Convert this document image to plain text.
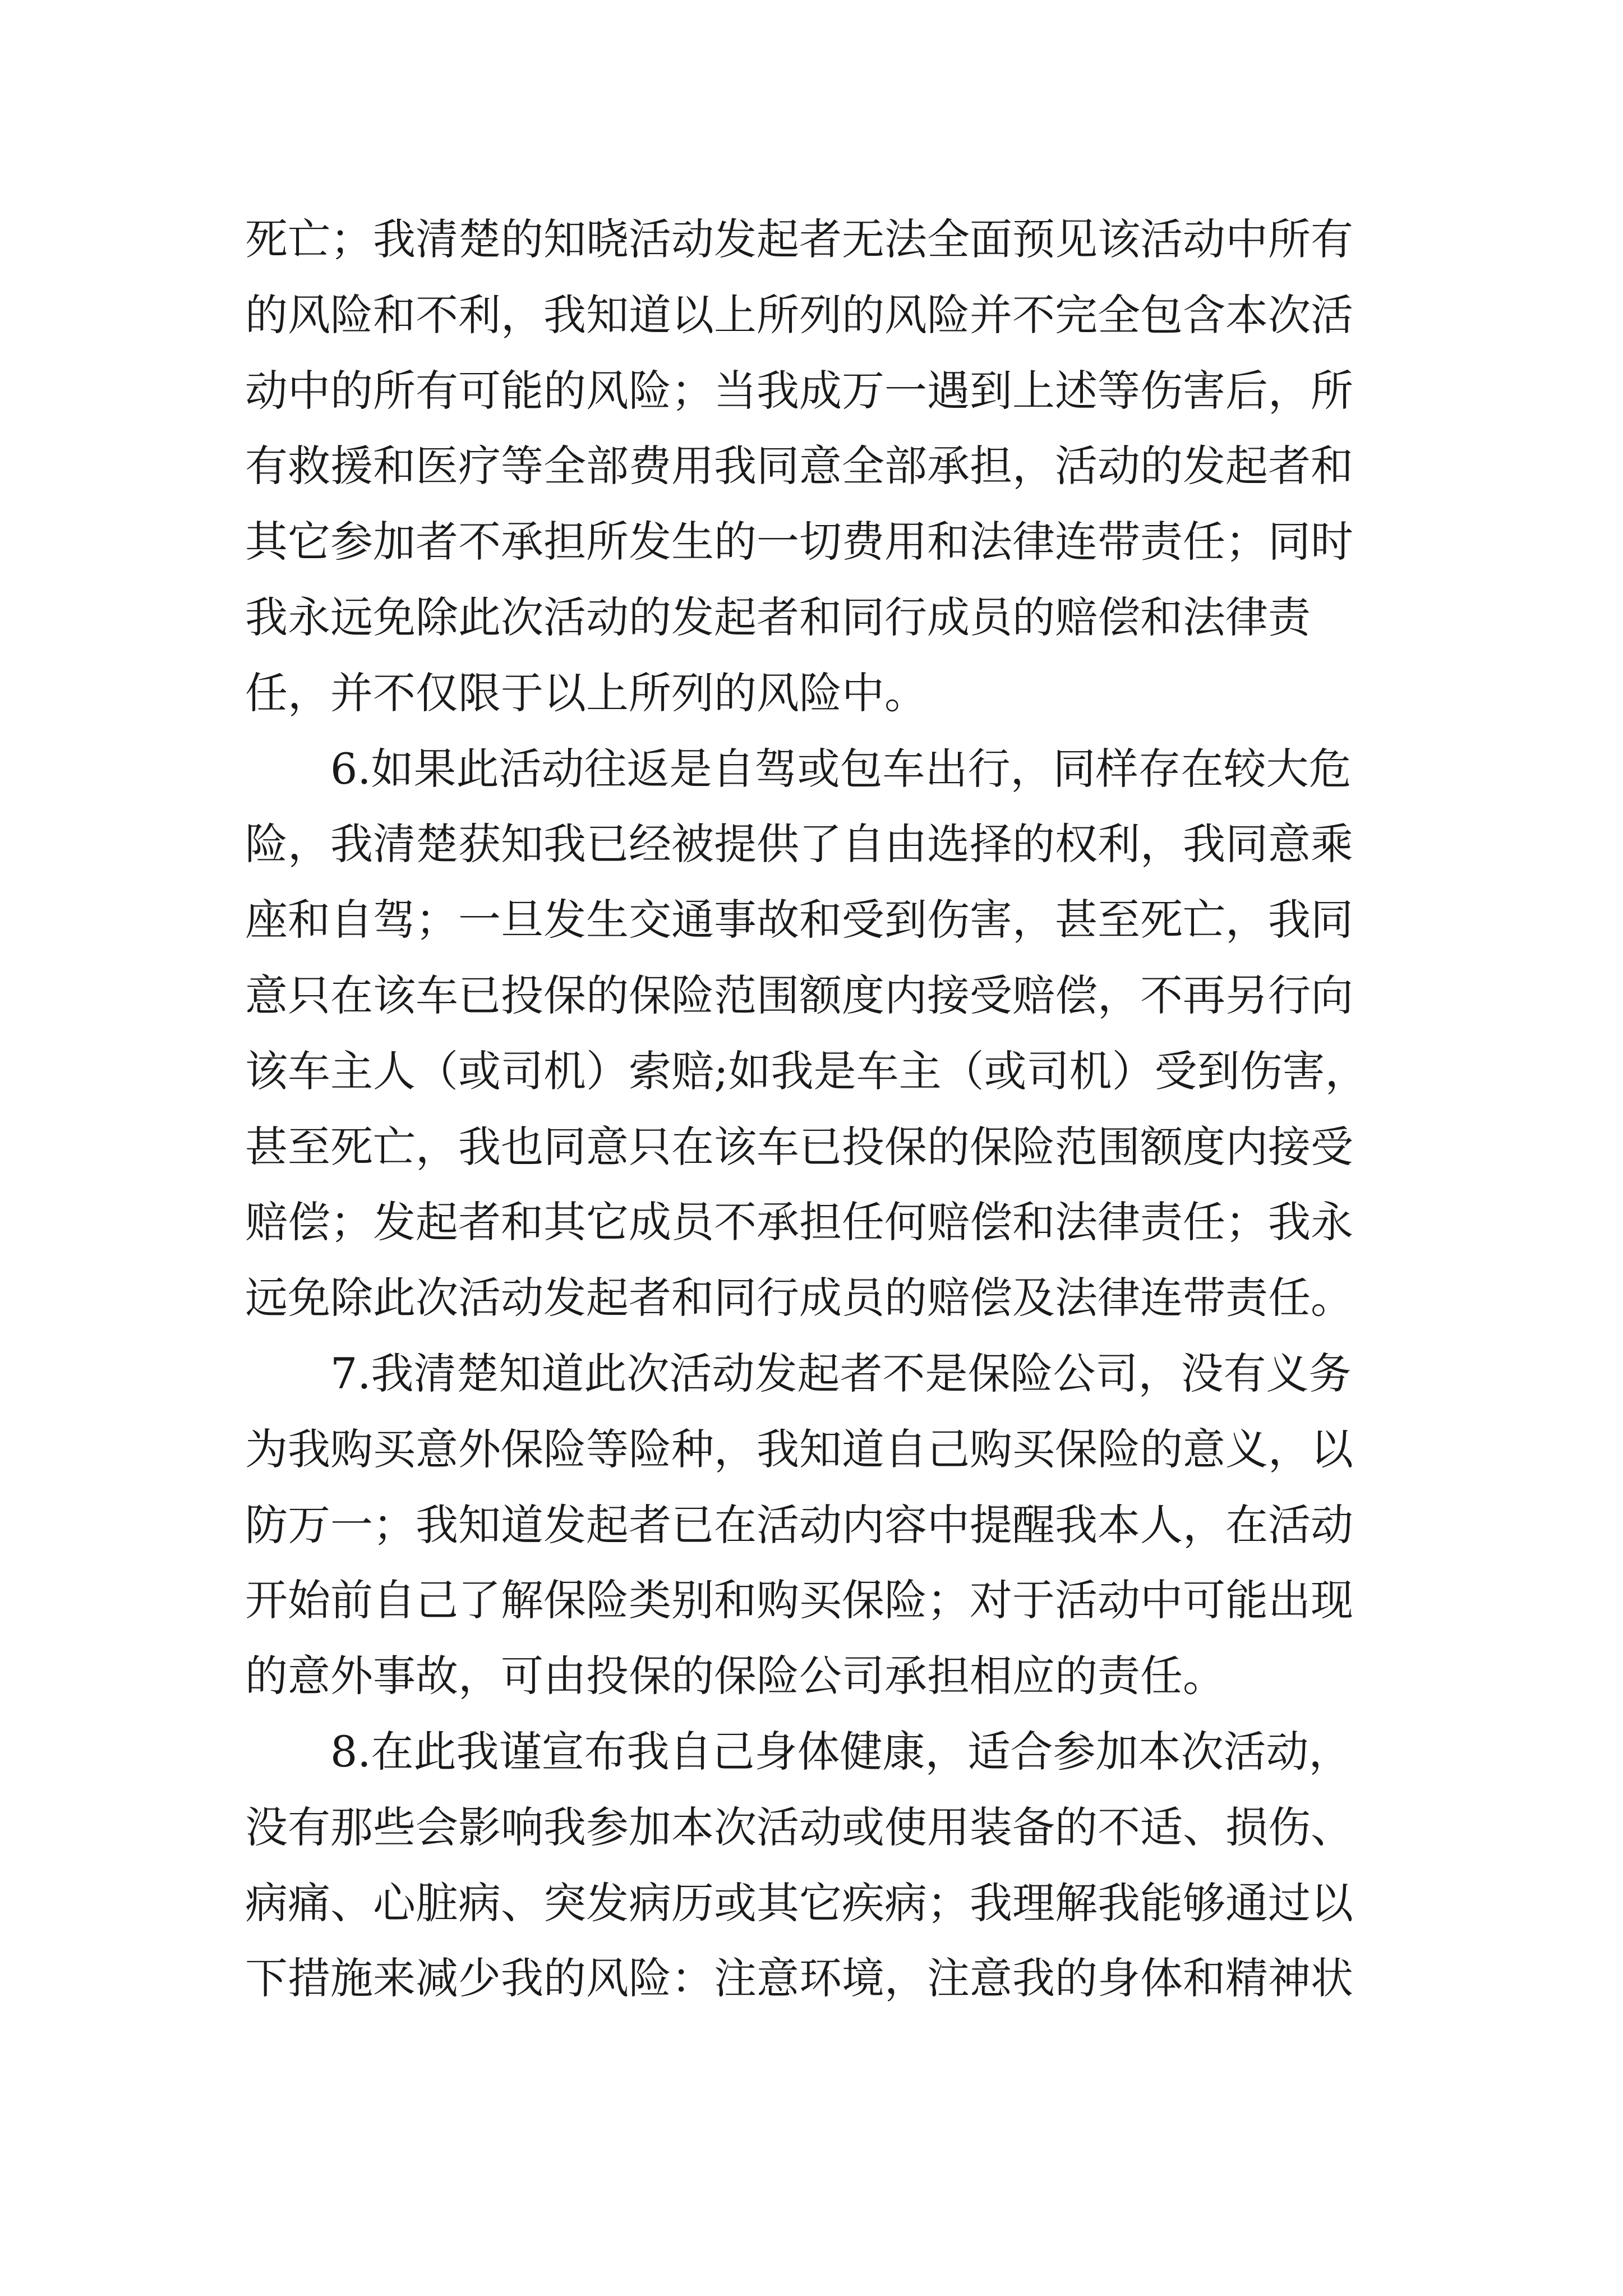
死亡；我清楚的知晓活动发起者无法全面预见该活动中所有
的风险和不利，我知道以上所列的风险并不完全包含本次活
动中的所有可能的风险；当我成万一遇到上述等伤害后，所
有救援和医疗等全部费用我同意全部承担，活动的发起者和
其它参加者不承担所发生的一切费用和法律连带责任；同时
我永远免除此次活动的发起者和同行成员的赔偿和法律责
任，并不仅限于以上所列的风险中。
6.如果此活动往返是自驾或包车出行，同样存在较大危
险，我清楚获知我已经被提供了自由选择的权利，我同意乘
座和自驾；一旦发生交通事故和受到伤害，甚至死亡，我同
意只在该车已投保的保险范围额度内接受赔偿，不再另行向
该车主人（或司机）索赔;如我是车主（或司机）受到伤害，
甚至死亡，我也同意只在该车已投保的保险范围额度内接受
赔偿；发起者和其它成员不承担任何赔偿和法律责任；我永
远免除此次活动发起者和同行成员的赔偿及法律连带责任。
7.我清楚知道此次活动发起者不是保险公司，没有义务
为我购买意外保险等险种，我知道自己购买保险的意义，以
防万一；我知道发起者已在活动内容中提醒我本人，在活动
开始前自己了解保险类别和购买保险；对于活动中可能出现
的意外事故，可由投保的保险公司承担相应的责任。
8.在此我谨宣布我自己身体健康，适合参加本次活动，
没有那些会影响我参加本次活动或使用装备的不适、损伤、
病痛、心脏病、突发病历或其它疾病；我理解我能够通过以
下措施来减少我的风险：注意环境，注意我的身体和精神状
